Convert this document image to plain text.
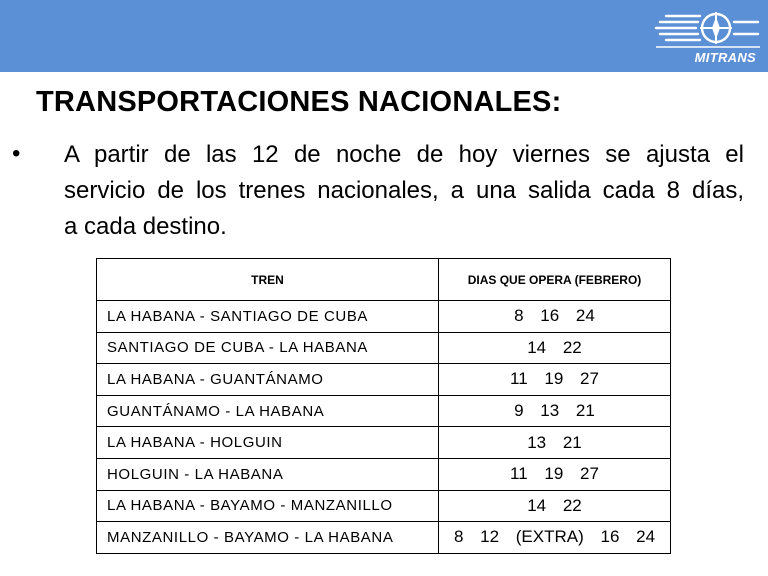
MITRANS
TRANSPORTACIONES NACIONALES:
• A partir de las 12 de noche de hoy viernes se ajusta el
servicio de los trenes nacionales, a una salida cada 8 días,
a cada destino.

TREN	DIAS QUE OPERA (FEBRERO)
LA HABANA - SANTIAGO DE CUBA	8 16 24
SANTIAGO DE CUBA - LA HABANA	14 22
LA HABANA - GUANTÁNAMO	11 19 27
GUANTÁNAMO - LA HABANA	9 13 21
LA HABANA - HOLGUIN	13 21
HOLGUIN - LA HABANA	11 19 27
LA HABANA - BAYAMO - MANZANILLO	14 22
MANZANILLO - BAYAMO - LA HABANA	8 12 (EXTRA) 16 24
